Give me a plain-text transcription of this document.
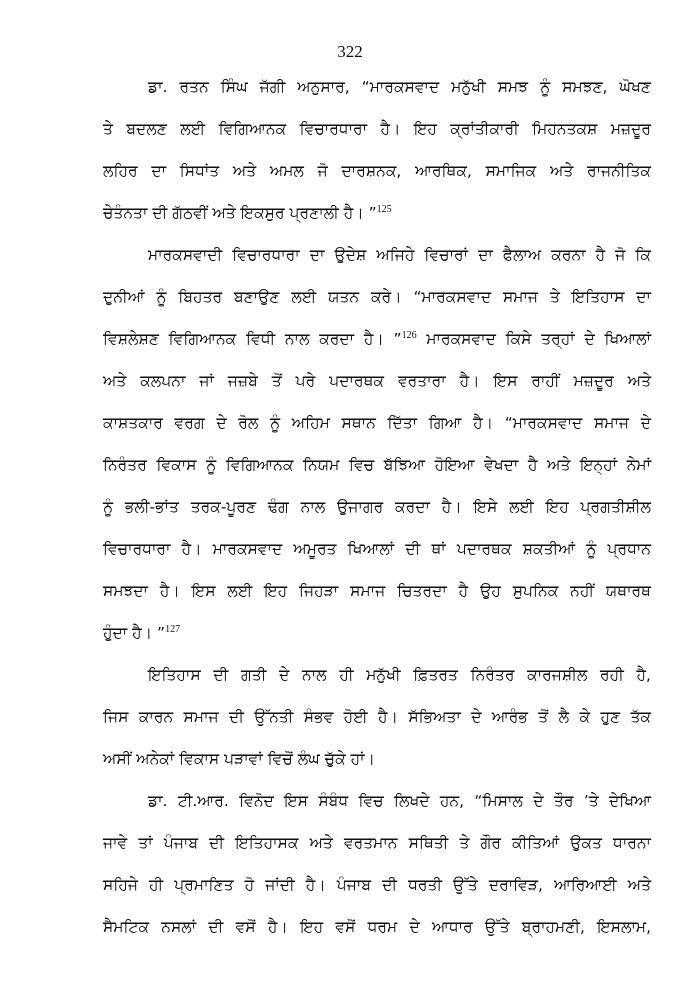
322
ਡਾ. ਰਤਨ ਸਿੰਘ ਜੱਗੀ ਅਨੁਸਾਰ, “ਮਾਰਕਸਵਾਦ ਮਨੁੱਖੀ ਸਮਝ ਨੂੰ ਸਮਝਣ, ਘੋਖਣ
ਤੇ ਬਦਲਣ ਲਈ ਵਿਗਿਆਨਕ ਵਿਚਾਰਧਾਰਾ ਹੈ। ਇਹ ਕ੍ਰਾਂਤੀਕਾਰੀ ਮਿਹਨਤਕਸ਼ ਮਜ਼ਦੂਰ
ਲਹਿਰ ਦਾ ਸਿਧਾਂਤ ਅਤੇ ਅਮਲ ਜੋ ਦਾਰਸ਼ਨਕ, ਆਰਥਿਕ, ਸਮਾਜਿਕ ਅਤੇ ਰਾਜਨੀਤਿਕ
ਚੇਤੰਨਤਾ ਦੀ ਗੱਠਵੀਂ ਅਤੇ ਇਕਸੁਰ ਪ੍ਰਣਾਲੀ ਹੈ। ”$^{125}$
ਮਾਰਕਸਵਾਦੀ ਵਿਚਾਰਧਾਰਾ ਦਾ ਉਦੇਸ਼ ਅਜਿਹੇ ਵਿਚਾਰਾਂ ਦਾ ਫੈਲਾਅ ਕਰਨਾ ਹੈ ਜੋ ਕਿ
ਦੁਨੀਆਂ ਨੂੰ ਬਿਹਤਰ ਬਣਾਉਣ ਲਈ ਯਤਨ ਕਰੇ। “ਮਾਰਕਸਵਾਦ ਸਮਾਜ ਤੇ ਇਤਿਹਾਸ ਦਾ
ਵਿਸ਼ਲੇਸ਼ਣ ਵਿਗਿਆਨਕ ਵਿਧੀ ਨਾਲ ਕਰਦਾ ਹੈ। ”$^{126}$ ਮਾਰਕਸਵਾਦ ਕਿਸੇ ਤਰ੍ਹਾਂ ਦੇ ਖਿਆਲਾਂ
ਅਤੇ ਕਲਪਨਾ ਜਾਂ ਜਜ਼ਬੇ ਤੋਂ ਪਰੇ ਪਦਾਰਥਕ ਵਰਤਾਰਾ ਹੈ। ਇਸ ਰਾਹੀਂ ਮਜ਼ਦੂਰ ਅਤੇ
ਕਾਸ਼ਤਕਾਰ ਵਰਗ ਦੇ ਰੋਲ ਨੂੰ ਅਹਿਮ ਸਥਾਨ ਦਿੱਤਾ ਗਿਆ ਹੈ। “ਮਾਰਕਸਵਾਦ ਸਮਾਜ ਦੇ
ਨਿਰੰਤਰ ਵਿਕਾਸ ਨੂੰ ਵਿਗਿਆਨਕ ਨਿਯਮ ਵਿਚ ਬੱਝਿਆ ਹੋਇਆ ਵੇਖਦਾ ਹੈ ਅਤੇ ਇਨ੍ਹਾਂ ਨੇਮਾਂ
ਨੂੰ ਭਲੀ-ਭਾਂਤ ਤਰਕ-ਪੂਰਣ ਢੰਗ ਨਾਲ ਉਜਾਗਰ ਕਰਦਾ ਹੈ। ਇਸੇ ਲਈ ਇਹ ਪ੍ਰਗਤੀਸ਼ੀਲ
ਵਿਚਾਰਧਾਰਾ ਹੈ। ਮਾਰਕਸਵਾਦ ਅਮੂਰਤ ਖਿਆਲਾਂ ਦੀ ਥਾਂ ਪਦਾਰਥਕ ਸ਼ਕਤੀਆਂ ਨੂੰ ਪ੍ਰਧਾਨ
ਸਮਝਦਾ ਹੈ। ਇਸ ਲਈ ਇਹ ਜਿਹੜਾ ਸਮਾਜ ਚਿਤਰਦਾ ਹੈ ਉਹ ਸੁਪਨਿਕ ਨਹੀਂ ਯਥਾਰਥ
ਹੁੰਦਾ ਹੈ। ”$^{127}$
ਇਤਿਹਾਸ ਦੀ ਗਤੀ ਦੇ ਨਾਲ ਹੀ ਮਨੁੱਖੀ ਫ਼ਿਤਰਤ ਨਿਰੰਤਰ ਕਾਰਜਸ਼ੀਲ ਰਹੀ ਹੈ,
ਜਿਸ ਕਾਰਨ ਸਮਾਜ ਦੀ ਉੱਨਤੀ ਸੰਭਵ ਹੋਈ ਹੈ। ਸੱਭਿਅਤਾ ਦੇ ਆਰੰਭ ਤੋਂ ਲੈ ਕੇ ਹੁਣ ਤੱਕ
ਅਸੀਂ ਅਨੇਕਾਂ ਵਿਕਾਸ ਪੜਾਵਾਂ ਵਿਚੋਂ ਲੰਘ ਚੁੱਕੇ ਹਾਂ।
ਡਾ. ਟੀ.ਆਰ. ਵਿਨੋਦ ਇਸ ਸੰਬੰਧ ਵਿਚ ਲਿਖਦੇ ਹਨ, “ਮਿਸਾਲ ਦੇ ਤੌਰ ’ਤੇ ਦੇਖਿਆ
ਜਾਵੇ ਤਾਂ ਪੰਜਾਬ ਦੀ ਇਤਿਹਾਸਕ ਅਤੇ ਵਰਤਮਾਨ ਸਥਿਤੀ ਤੇ ਗੌਰ ਕੀਤਿਆਂ ਉਕਤ ਧਾਰਨਾ
ਸਹਿਜੇ ਹੀ ਪ੍ਰਮਾਣਿਤ ਹੋ ਜਾਂਦੀ ਹੈ। ਪੰਜਾਬ ਦੀ ਧਰਤੀ ਉੱਤੇ ਦਰਾਵਿੜ, ਆਰਿਆਈ ਅਤੇ
ਸੈਮਟਿਕ ਨਸਲਾਂ ਦੀ ਵਸੋਂ ਹੈ। ਇਹ ਵਸੋਂ ਧਰਮ ਦੇ ਆਧਾਰ ਉੱਤੇ ਬ੍ਰਾਹਮਣੀ, ਇਸਲਾਮ,
